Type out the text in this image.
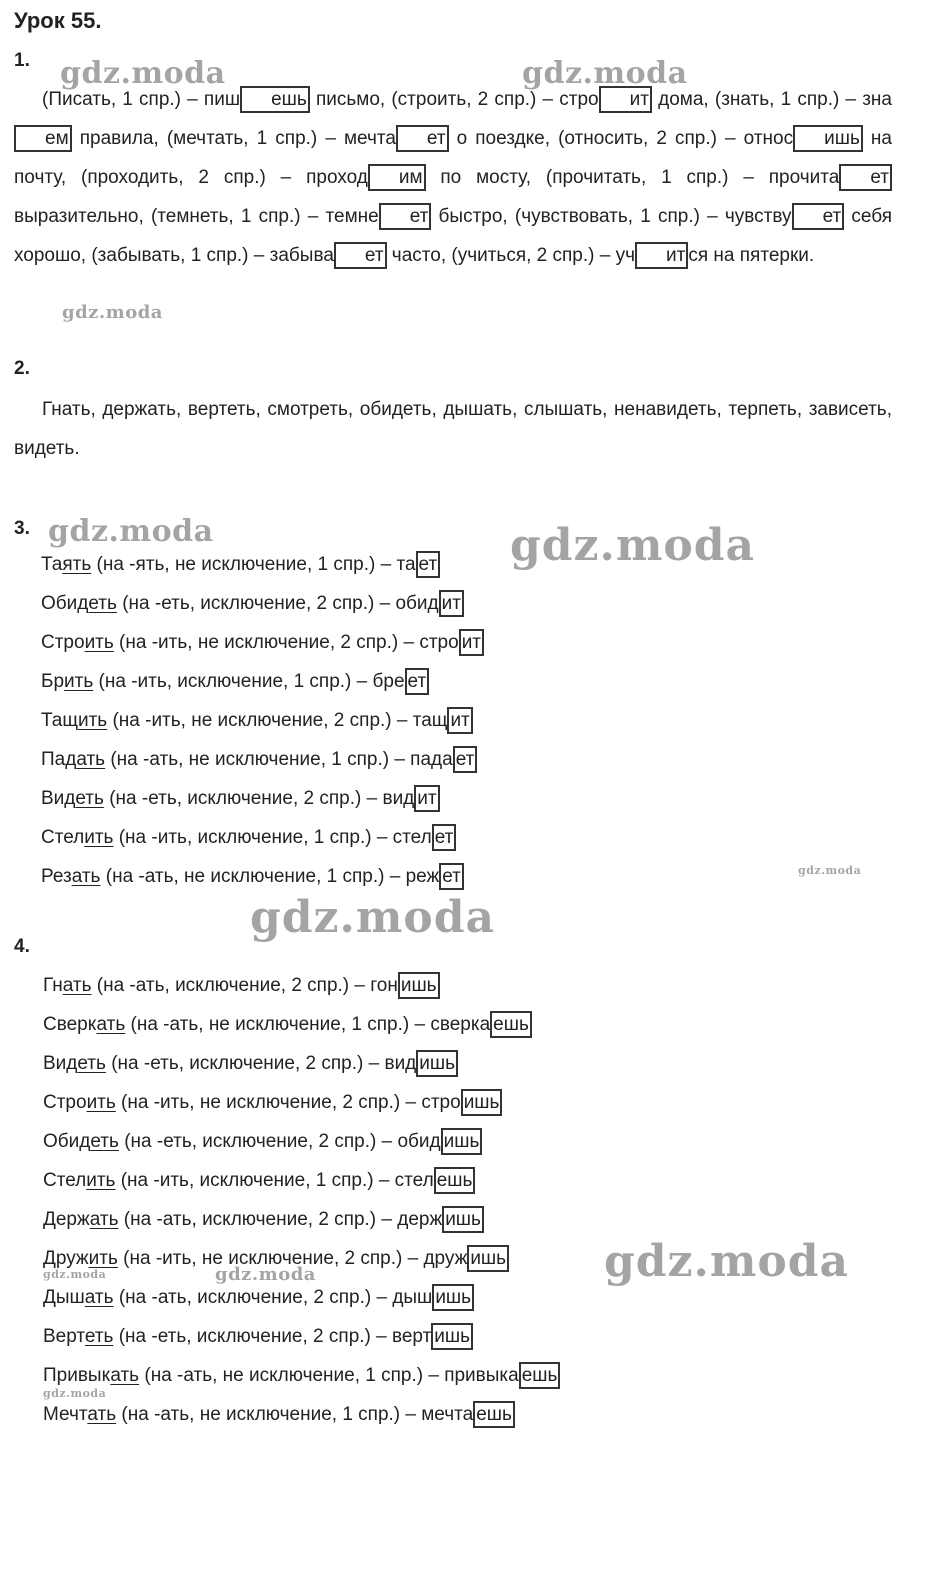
Урок 55.
1.

(Писать, 1 спр.) – пиш ешь письмо, (строить, 2 спр.) – стро ит дома, (знать, 1 спр.) – знаем правила, (мечтать, 1 спр.) – мечта ет о поездке, (относить, 2 спр.) – относ ишь на почту, (проходить, 2 спр.) – проход им по мосту, (прочитать, 1 спр.) – прочита ет выразительно, (темнеть, 1 спр.) – темне ет быстро, (чувствовать, 1 спр.) – чувству ет себя хорошо, (забывать, 1 спр.) – забыва ет часто, (учиться, 2 спр.) – уч ит ся на пятерки.

2.

Гнать, держать, вертеть, смотреть, обидеть, дышать, слышать, ненавидеть, терпеть, зависеть, видеть.

3.
Таять (на -ять, не исключение, 1 спр.) – та ет
Обидеть (на -еть, исключение, 2 спр.) – обид ит
Строить (на -ить, не исключение, 2 спр.) – стро ит
Брить (на -ить, исключение, 1 спр.) – бре ет
Тащить (на -ить, не исключение, 2 спр.) – тащ ит
Падать (на -ать, не исключение, 1 спр.) – пада ет
Видеть (на -еть, исключение, 2 спр.) – вид ит
Стелить (на -ить, исключение, 1 спр.) – стел ет
Резать (на -ать, не исключение, 1 спр.) – реж ет
4.
Гнать (на -ать, исключение, 2 спр.) – гон ишь
Сверкать (на -ать, не исключение, 1 спр.) – сверка ешь
Видеть (на -еть, исключение, 2 спр.) – вид ишь
Строить (на -ить, не исключение, 2 спр.) – стро ишь
Обидеть (на -еть, исключение, 2 спр.) – обид ишь
Стелить (на -ить, исключение, 1 спр.) – стел ешь
Держать (на -ать, исключение, 2 спр.) – держ ишь
Дружить (на -ить, не исключение, 2 спр.) – друж ишь
Дышать (на -ать, исключение, 2 спр.) – дыш ишь
Вертеть (на -еть, исключение, 2 спр.) – верт ишь
Привыкать (на -ать, не исключение, 1 спр.) – привыка ешь
Мечтать (на -ать, не исключение, 1 спр.) – мечта ешь
gdz.moda	gdz.moda
gdz.moda
gdz.moda	gdz.moda
gdz.moda
gdz.moda
gdz.moda
gdz.moda	gdz.moda
gdz.moda
